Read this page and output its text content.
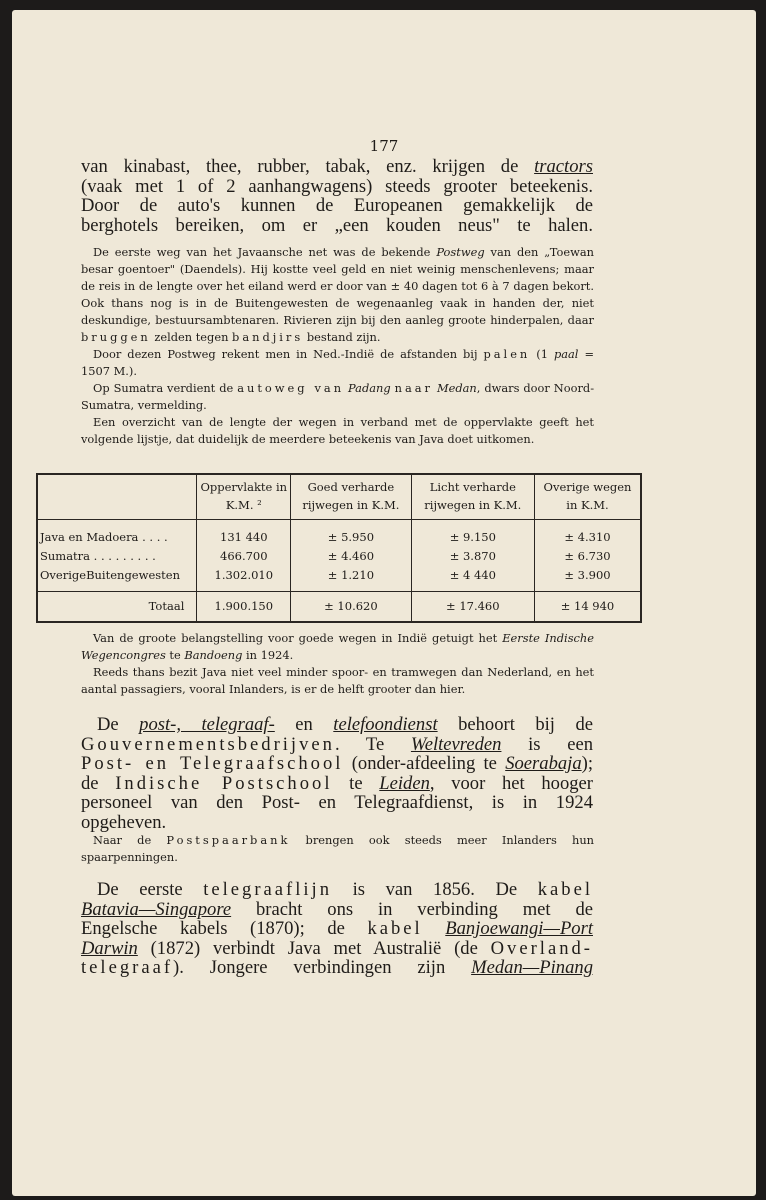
177

van kinabast, thee, rubber, tabak, enz. krijgen de tractors

(vaak met 1 of 2 aanhangwagens) steeds grooter beteekenis.

Door de auto's kunnen de Europeanen gemakkelijk de

berghotels bereiken, om er „een kouden neus" te halen.

De eerste weg van het Javaansche net was de bekende Postweg van den „Toewan besar goentoer" (Daendels). Hij kostte veel geld en niet weinig menschenlevens; maar de reis in de lengte over het eiland werd er door van ± 40 dagen tot 6 à 7 dagen bekort. Ook thans nog is in de Buitengewesten de wegenaanleg vaak in handen der, niet deskundige, bestuursambtenaren. Rivieren zijn bij den aanleg groote hinderpalen, daar bruggen zelden tegen bandjirs bestand zijn.

Door dezen Postweg rekent men in Ned.-Indië de afstanden bij palen (1 paal = 1507 M.).

Op Sumatra verdient de autoweg van Padang naar Medan, dwars door Noord-Sumatra, vermelding.

Een overzicht van de lengte der wegen in verband met de oppervlakte geeft het volgende lijstje, dat duidelijk de meerdere beteekenis van Java doet uitkomen.

	Oppervlakte in K.M. ²	Goed verharde rijwegen in K.M.	Licht verharde rijwegen in K.M.	Overige wegen in K.M.
Java en Madoera . . . .	131 440	± 5.950	± 9.150	± 4.310
Sumatra . . . . . . . . .	466.700	± 4.460	± 3.870	± 6.730
OverigeBuitengewesten	1.302.010	± 1.210	± 4 440	± 3.900
Totaal	1.900.150	± 10.620	± 17.460	± 14 940

Van de groote belangstelling voor goede wegen in Indië getuigt het Eerste Indische Wegencongres te Bandoeng in 1924.

Reeds thans bezit Java niet veel minder spoor- en tramwegen dan Nederland, en het aantal passagiers, vooral Inlanders, is er de helft grooter dan hier.

De post-, telegraaf- en telefoondienst behoort bij de

Gouvernementsbedrijven. Te Weltevreden is een

Post- en Telegraafschool (onder-afdeeling te Soerabaja);

de Indische Postschool te Leiden, voor het hooger

personeel van den Post- en Telegraafdienst, is in 1924

opgeheven.

Naar de Postspaarbank brengen ook steeds meer Inlanders hun spaarpenningen.

De eerste telegraaflijn is van 1856. De kabel

Batavia—Singapore bracht ons in verbinding met de

Engelsche kabels (1870); de kabel Banjoewangi—Port

Darwin (1872) verbindt Java met Australië (de Overland-

telegraaf). Jongere verbindingen zijn Medan—Pinang
